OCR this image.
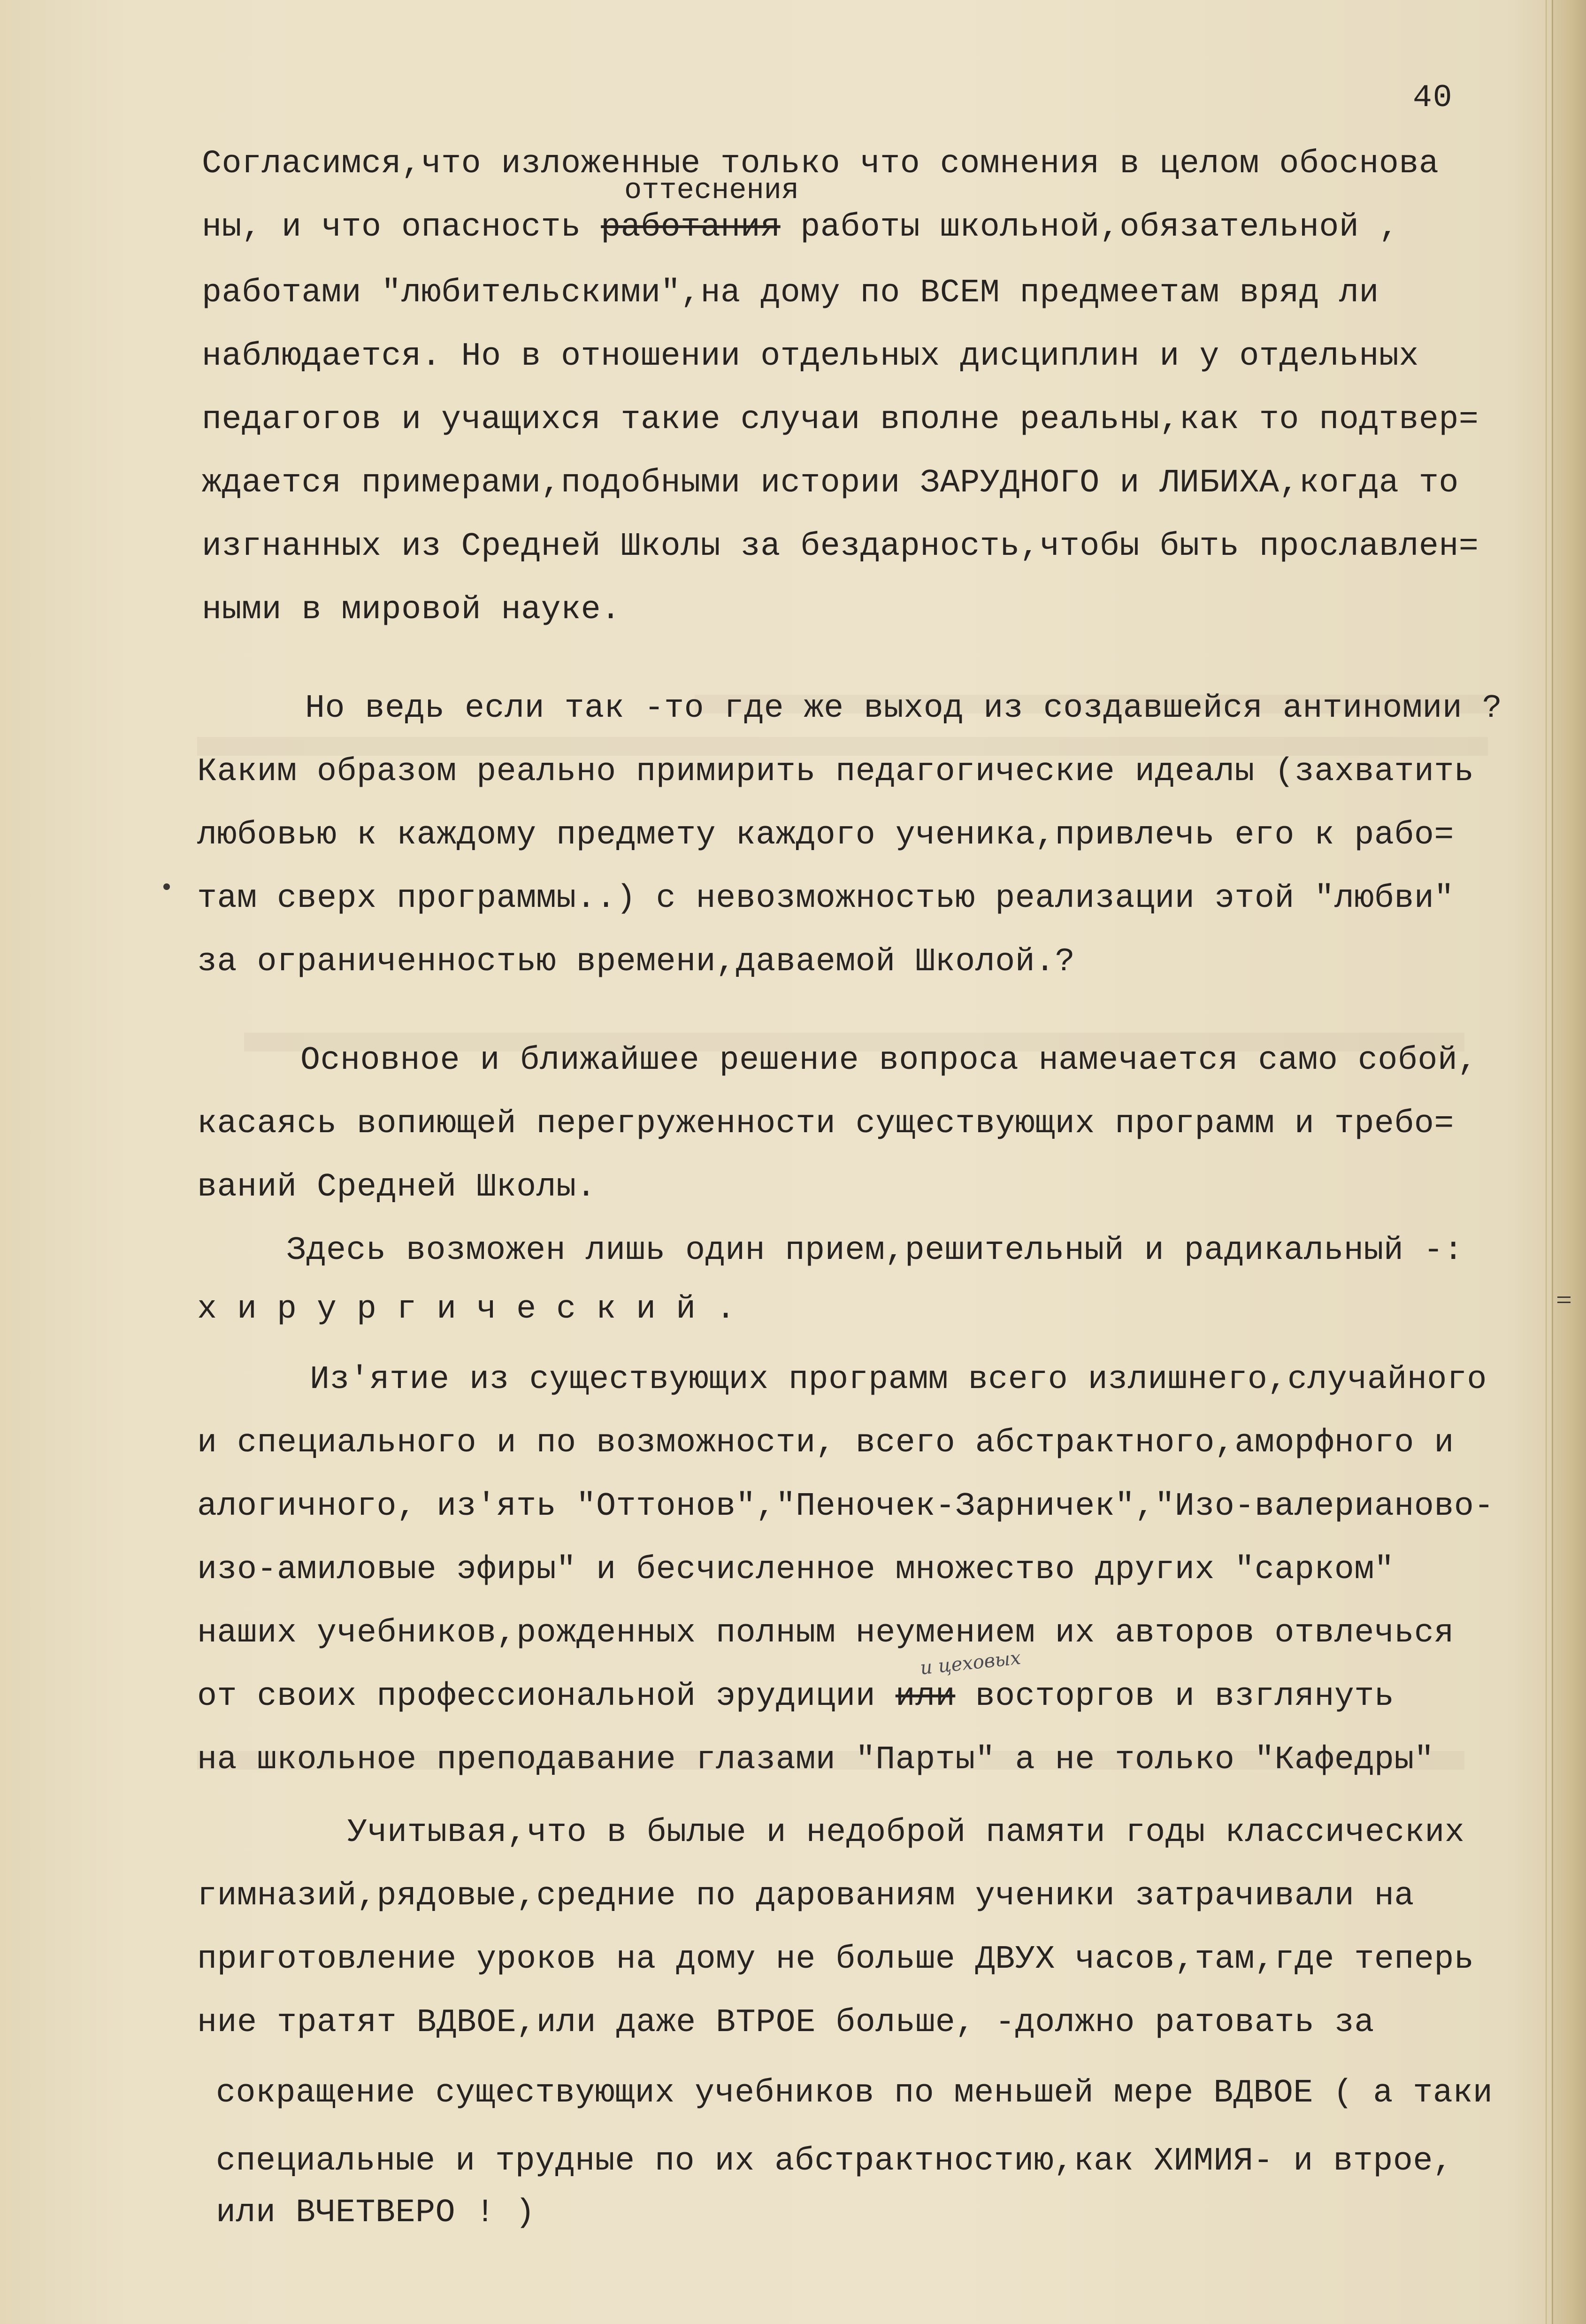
40
Согласимся,что изложенные только что сомнения в целом обоснова
оттеснения
ны, и что опасность работания работы школьной,обязательной ,
работами "любительскими",на дому по ВСЕМ предмеетам вряд ли
наблюдается. Но в отношении отдельных дисциплин и у отдельных
педагогов и учащихся такие случаи вполне реальны,как то подтвер=
ждается примерами,подобными истории ЗАРУДНОГО и ЛИБИХА,когда то
изгнанных из Средней Школы за бездарность,чтобы быть прославлен=
ными в мировой науке.
Но ведь если так -то где же выход из создавшейся антиномии ?
Каким образом реально примирить педагогические идеалы (захватить
любовью к каждому предмету каждого ученика,привлечь его к рабо=
там сверх программы..) с невозможностью реализации этой "любви"
за ограниченностью времени,даваемой Школой.?
Основное и ближайшее решение вопроса намечается само собой,
касаясь вопиющей перегруженности существующих программ и требо=
ваний Средней Школы.
Здесь возможен лишь один прием,решительный и радикальный -:
х и р у р г и ч е с к и й .
Из'ятие из существующих программ всего излишнего,случайного
и специального и по возможности, всего абстрактного,аморфного и
алогичного, из'ять "Оттонов","Пеночек-Зарничек","Изо-валерианово-
изо-амиловые эфиры" и бесчисленное множество других "сарком"
наших учебников,рожденных полным неумением их авторов отвлечься
и цеховых
от своих профессиональной эрудиции или восторгов и взглянуть
на школьное преподавание глазами "Парты" а не только "Кафедры"
Учитывая,что в былые и недоброй памяти годы классических
гимназий,рядовые,средние по дарованиям ученики затрачивали на
приготовление уроков на дому не больше ДВУХ часов,там,где теперь
ние тратят ВДВОЕ,или даже ВТРОЕ больше, -должно ратовать за
сокращение существующих учебников по меньшей мере ВДВОЕ ( а таки
специальные и трудные по их абстрактностию,как ХИМИЯ- и втрое,
или ВЧЕТВЕРО ! )
